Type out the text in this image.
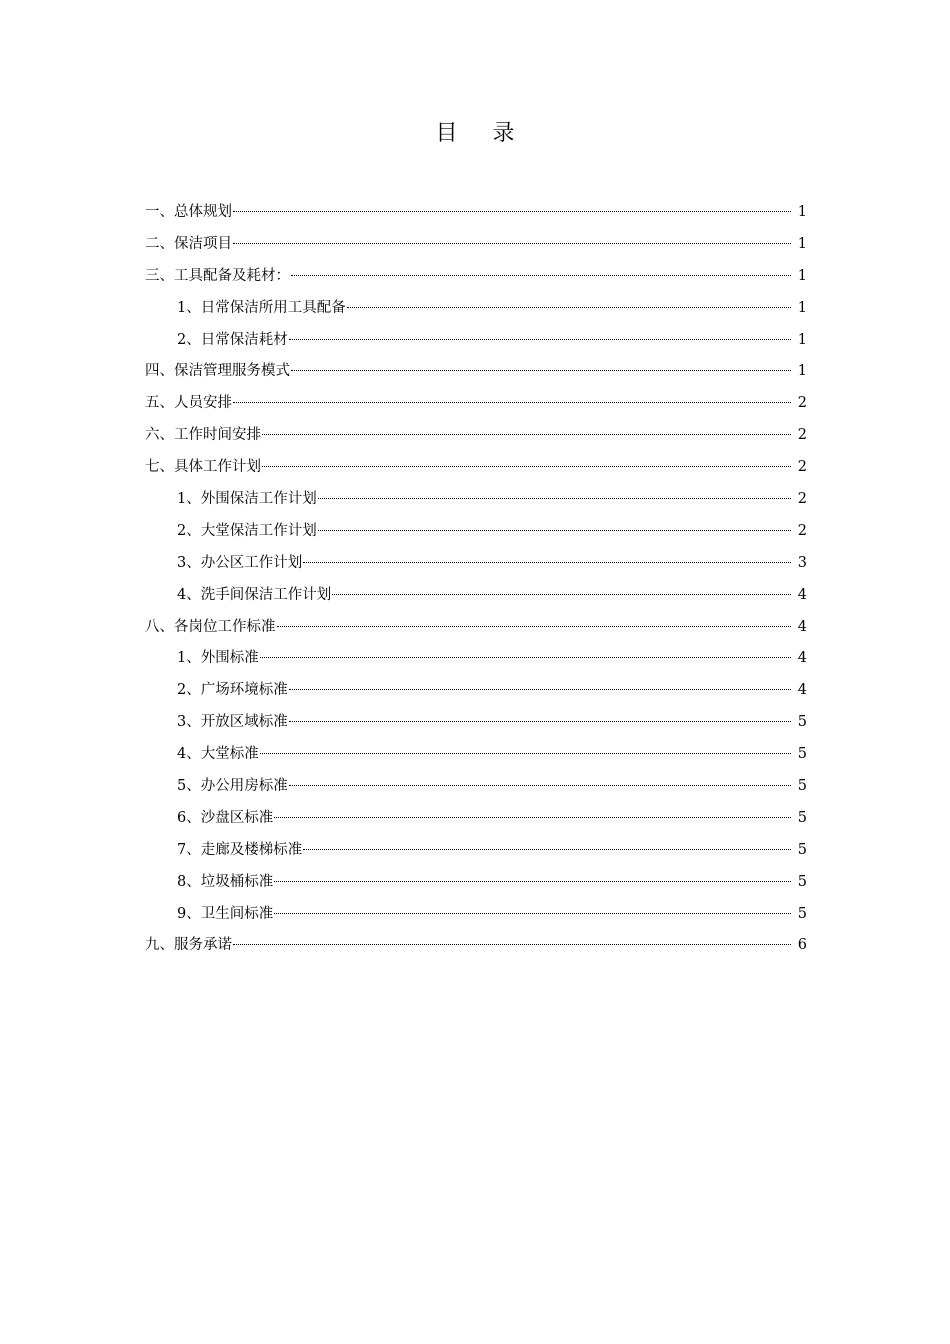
目 录
一、总体规划	1
二、保洁项目	1
三、工具配备及耗材：	1
1、日常保洁所用工具配备	1
2、日常保洁耗材	1
四、保洁管理服务模式	1
五、人员安排	2
六、工作时间安排	2
七、具体工作计划	2
1、外围保洁工作计划	2
2、大堂保洁工作计划	2
3、办公区工作计划	3
4、洗手间保洁工作计划	4
八、各岗位工作标准	4
1、外围标准	4
2、广场环境标准	4
3、开放区域标准	5
4、大堂标准	5
5、办公用房标准	5
6、沙盘区标准	5
7、走廊及楼梯标准	5
8、垃圾桶标准	5
9、卫生间标准	5
九、服务承诺	6
